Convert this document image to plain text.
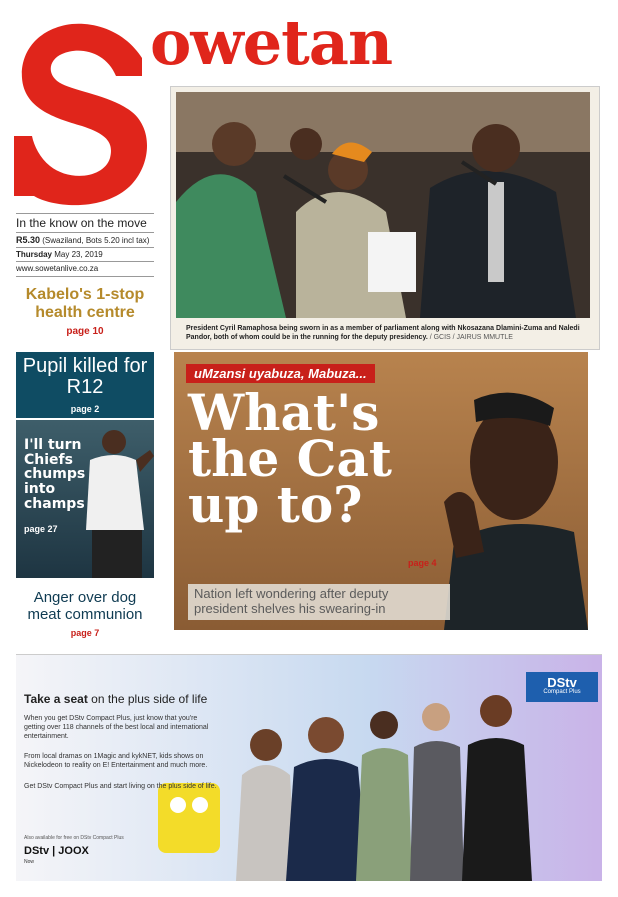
owetan
In the know on the move
R5.30 (Swaziland, Bots 5.20 incl tax)
Thursday May 23, 2019
www.sowetanlive.co.za
Kabelo's 1-stop health centre
page 10
Pupil killed for R12
page 2
I'll turn Chiefs chumps into champs
page 27
Anger over dog meat communion
page 7
President Cyril Ramaphosa being sworn in as a member of parliament along with Nkosazana Dlamini-Zuma and Naledi Pandor, both of whom could be in the running for the deputy presidency. / GCIS / JAIRUS MMUTLE
uMzansi uyabuza, Mabuza...
What's the Cat up to?
page 4
Nation left wondering after deputy president shelves his swearing-in
Take a seat on the plus side of life
When you get DStv Compact Plus, just know that you're getting over 118 channels of the best local and international entertainment.
From local dramas on 1Magic and kykNET, kids shows on Nickelodeon to reality on E! Entertainment and much more.
Get DStv Compact Plus and start living on the plus side of life.
Also available for free on DStv Compact Plus
DStv | JOOX
Now
DStv
Compact Plus
